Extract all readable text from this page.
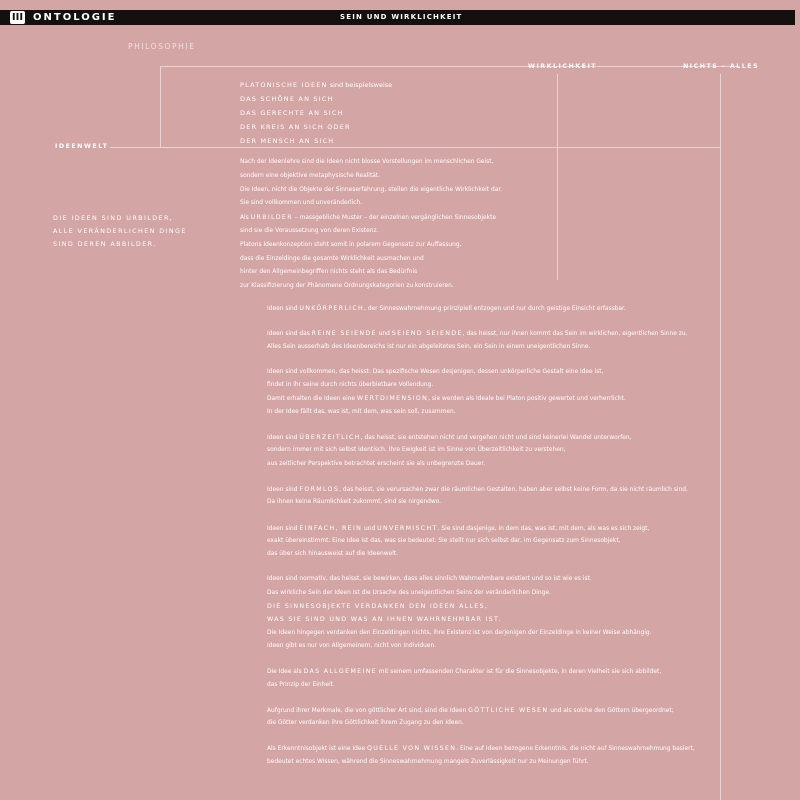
III ONTOLOGIE	SEIN UND WIRKLICHKEIT
PHILOSOPHIE
WIRKLICHKEIT	NICHTS - ALLES
IDEENWELT
PLATONISCHE IDEEN sind beispielsweise
DAS SCHÖNE AN SICH
DAS GERECHTE AN SICH
DER KREIS AN SICH ODER
DER MENSCH AN SICH
DIE IDEEN SIND URBILDER,
ALLE VERÄNDERLICHEN DINGE
SIND DEREN ABBILDER.
Nach der Ideenlehre sind die Ideen nicht blosse Vorstellungen im menschlichen Geist,
sondern eine objektive metaphysische Realität.
Die Ideen, nicht die Objekte der Sinneserfahrung, stellen die eigentliche Wirklichkeit dar.
Sie sind vollkommen und unveränderlich.
Als URBILDER – massgebliche Muster – der einzelnen vergänglichen Sinnesobjekte
sind sie die Voraussetzung von deren Existenz.
Platons Ideenkonzeption steht somit in polarem Gegensatz zur Auffassung,
dass die Einzeldinge die gesamte Wirklichkeit ausmachen und
hinter den Allgemeinbegriffen nichts steht als das Bedürfnis
zur Klassifizierung der Phänomene Ordnungskategorien zu konstruieren.
Ideen sind UNKÖRPERLICH, der Sinneswahrnehmung prinzipiell entzogen und nur durch geistige Einsicht erfassbar.
Ideen sind das REINE SEIENDE und SEIEND SEIENDE, das heisst, nur ihnen kommt das Sein im wirklichen, eigentlichen Sinne zu.
Alles Sein ausserhalb des Ideenbereichs ist nur ein abgeleitetes Sein, ein Sein in einem uneigentlichen Sinne.
Ideen sind vollkommen, das heisst: Das spezifische Wesen desjenigen, dessen unkörperliche Gestalt eine Idee ist,
findet in ihr seine durch nichts überbietbare Vollendung.
Damit erhalten die Ideen eine WERTDIMENSION, sie werden als Ideale bei Platon positiv gewertet und verherrlicht.
In der Idee fällt das, was ist, mit dem, was sein soll, zusammen.
Ideen sind ÜBERZEITLICH, das heisst, sie entstehen nicht und vergehen nicht und sind keinerlei Wandel unterworfen,
sondern immer mit sich selbst identisch. Ihre Ewigkeit ist im Sinne von Überzeitlichkeit zu verstehen;
aus zeitlicher Perspektive betrachtet erscheint sie als unbegrenzte Dauer.
Ideen sind FORMLOS, das heisst, sie verursachen zwar die räumlichen Gestalten, haben aber selbst keine Form, da sie nicht räumlich sind.
Da ihnen keine Räumlichkeit zukommt, sind sie nirgendwo.
Ideen sind EINFACH, REIN und UNVERMISCHT. Sie sind dasjenige, in dem das, was ist, mit dem, als was es sich zeigt,
exakt übereinstimmt. Eine Idee ist das, was sie bedeutet. Sie stellt nur sich selbst dar, im Gegensatz zum Sinnesobjekt,
das über sich hinausweist auf die Ideenwelt.
Ideen sind normativ, das heisst, sie bewirken, dass alles sinnlich Wahrnehmbare existiert und so ist wie es ist.
Das wirkliche Sein der Ideen ist die Ursache des uneigentlichen Seins der veränderlichen Dinge.
DIE SINNESOBJEKTE VERDANKEN DEN IDEEN ALLES,
WAS SIE SIND UND WAS AN IHNEN WAHRNEHMBAR IST.
Die Ideen hingegen verdanken den Einzeldingen nichts, ihre Existenz ist von derjenigen der Einzeldinge in keiner Weise abhängig.
Ideen gibt es nur von Allgemeinem, nicht von Individuen.
Die Idee als DAS ALLGEMEINE mit seinem umfassenden Charakter ist für die Sinnesobjekte, in deren Vielheit sie sich abbildet,
das Prinzip der Einheit.
Aufgrund ihrer Merkmale, die von göttlicher Art sind, sind die Ideen GÖTTLICHE WESEN und als solche den Göttern übergeordnet;
die Götter verdanken ihre Göttlichkeit ihrem Zugang zu den Ideen.
Als Erkenntnisobjekt ist eine Idee QUELLE VON WISSEN. Eine auf Ideen bezogene Erkenntnis, die nicht auf Sinneswahrnehmung basiert,
bedeutet echtes Wissen, während die Sinneswahrnehmung mangels Zuverlässigkeit nur zu Meinungen führt.
